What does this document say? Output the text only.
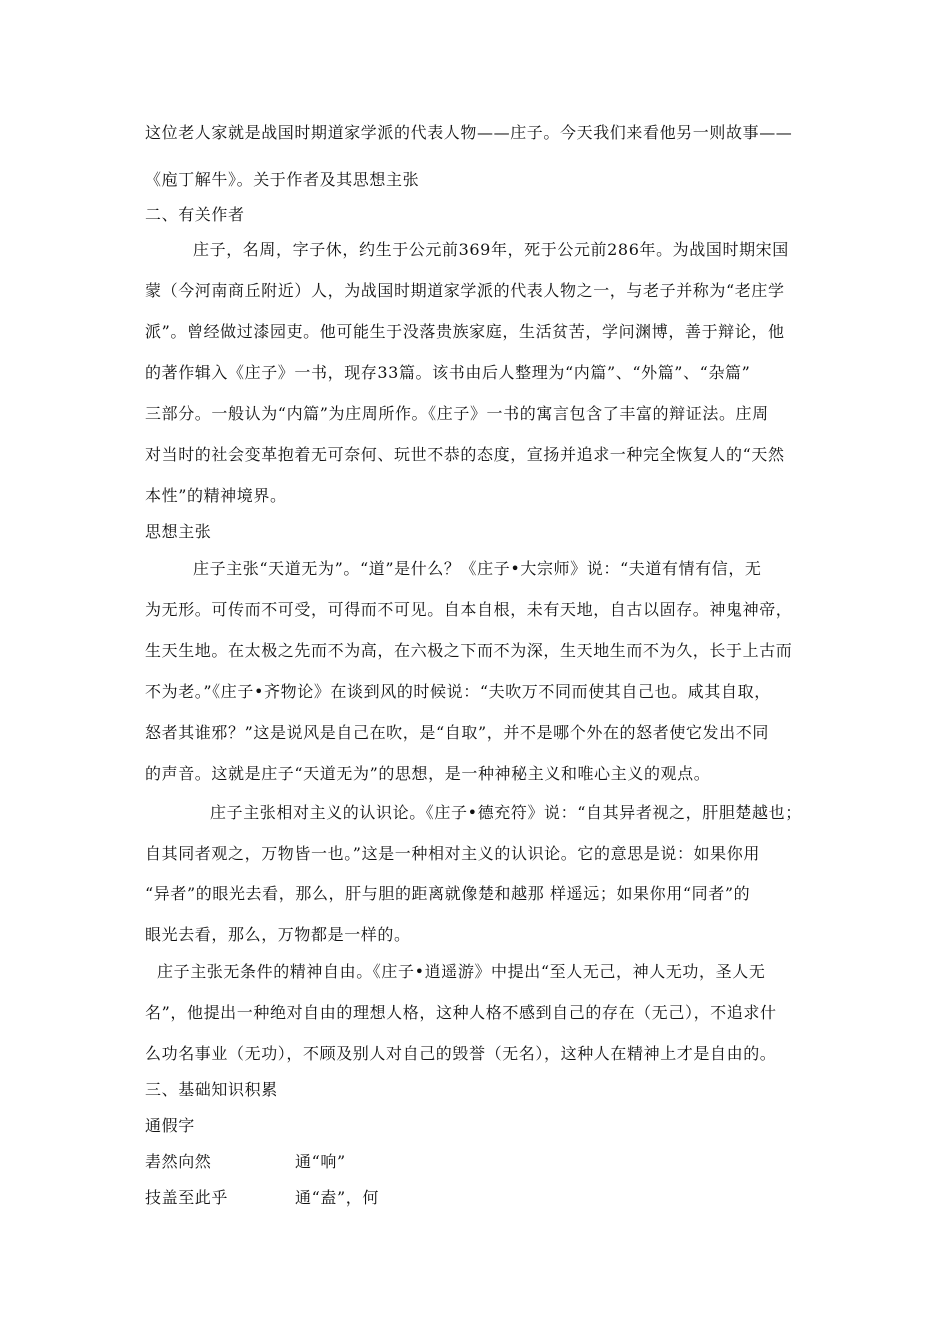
这位老人家就是战国时期道家学派的代表人物——庄子。今天我们来看他另一则故事——
《庖丁解牛》。关于作者及其思想主张
二、有关作者
庄子，名周，字子休，约生于公元前369年，死于公元前286年。为战国时期宋国
蒙（今河南商丘附近）人，为战国时期道家学派的代表人物之一，与老子并称为“老庄学
派”。曾经做过漆园吏。他可能生于没落贵族家庭，生活贫苦，学问渊博，善于辩论，他
的著作辑入《庄子》一书，现存33篇。该书由后人整理为“内篇”、“外篇”、“杂篇”
三部分。一般认为“内篇”为庄周所作。《庄子》一书的寓言包含了丰富的辩证法。庄周
对当时的社会变革抱着无可奈何、玩世不恭的态度，宣扬并追求一种完全恢复人的“天然
本性”的精神境界。
思想主张
庄子主张“天道无为”。“道”是什么？《庄子•大宗师》说：“夫道有情有信，无
为无形。可传而不可受，可得而不可见。自本自根，未有天地，自古以固存。神鬼神帝，
生天生地。在太极之先而不为高，在六极之下而不为深，生天地生而不为久，长于上古而
不为老。”《庄子•齐物论》在谈到风的时候说：“夫吹万不同而使其自己也。咸其自取，
怒者其谁邪？”这是说风是自己在吹，是“自取”，并不是哪个外在的怒者使它发出不同
的声音。这就是庄子“天道无为”的思想，是一种神秘主义和唯心主义的观点。
庄子主张相对主义的认识论。《庄子•德充符》说：“自其异者视之，肝胆楚越也；
自其同者观之，万物皆一也。”这是一种相对主义的认识论。它的意思是说：如果你用
“异者”的眼光去看，那么，肝与胆的距离就像楚和越那 样遥远；如果你用“同者”的
眼光去看，那么，万物都是一样的。
庄子主张无条件的精神自由。《庄子•逍遥游》中提出“至人无己，神人无功，圣人无
名”，他提出一种绝对自由的理想人格，这种人格不感到自己的存在（无己），不追求什
么功名事业（无功），不顾及别人对自己的毁誉（无名），这种人在精神上才是自由的。
三、基础知识积累
通假字
砉然向然	通“响”
技盖至此乎	通“盍”，何
